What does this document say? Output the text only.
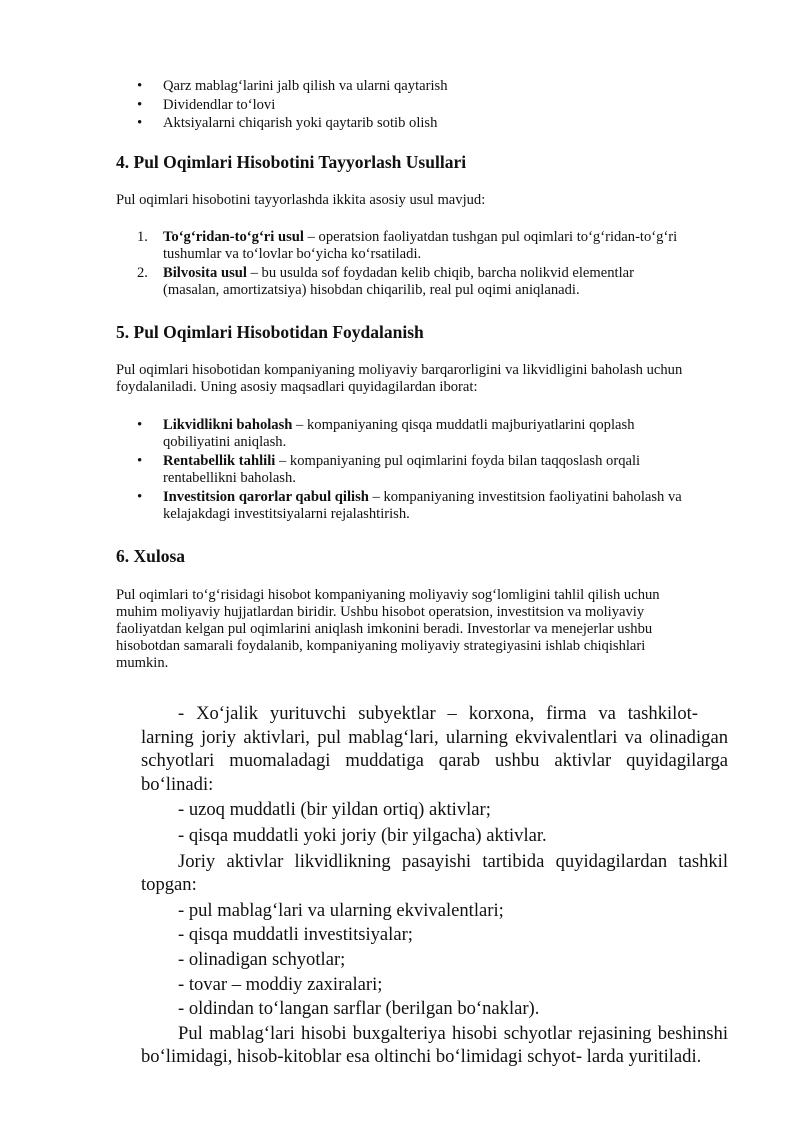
• Qarz mablag‘larini jalb qilish va ularni qaytarish
• Dividendlar to‘lovi
• Aktsiyalarni chiqarish yoki qaytarib sotib olish
4. Pul Oqimlari Hisobotini Tayyorlash Usullari

Pul oqimlari hisobotini tayyorlashda ikkita asosiy usul mavjud:

1. To‘g‘ridan-to‘g‘ri usul – operatsion faoliyatdan tushgan pul oqimlari to‘g‘ridan-to‘g‘ri
tushumlar va to‘lovlar bo‘yicha ko‘rsatiladi.
2. Bilvosita usul – bu usulda sof foydadan kelib chiqib, barcha nolikvid elementlar
(masalan, amortizatsiya) hisobdan chiqarilib, real pul oqimi aniqlanadi.
5. Pul Oqimlari Hisobotidan Foydalanish

Pul oqimlari hisobotidan kompaniyaning moliyaviy barqarorligini va likvidligini baholash uchun
foydalaniladi. Uning asosiy maqsadlari quyidagilardan iborat:

• Likvidlikni baholash – kompaniyaning qisqa muddatli majburiyatlarini qoplash
qobiliyatini aniqlash.
• Rentabellik tahlili – kompaniyaning pul oqimlarini foyda bilan taqqoslash orqali
rentabellikni baholash.
• Investitsion qarorlar qabul qilish – kompaniyaning investitsion faoliyatini baholash va
kelajakdagi investitsiyalarni rejalashtirish.
6. Xulosa

Pul oqimlari to‘g‘risidagi hisobot kompaniyaning moliyaviy sog‘lomligini tahlil qilish uchun
muhim moliyaviy hujjatlardan biridir. Ushbu hisobot operatsion, investitsion va moliyaviy
faoliyatdan kelgan pul oqimlarini aniqlash imkonini beradi. Investorlar va menejerlar ushbu
hisobotdan samarali foydalanib, kompaniyaning moliyaviy strategiyasini ishlab chiqishlari
mumkin.

- Xo‘jalik yurituvchi subyektlar – korxona, firma va tashkilot-
larning joriy aktivlari, pul mablag‘lari, ularning ekvivalentlari va olinadigan
schyotlari muomaladagi muddatiga qarab ushbu aktivlar quyidagilarga
bo‘linadi:
- uzoq muddatli (bir yildan ortiq) aktivlar;
- qisqa muddatli yoki joriy (bir yilgacha) aktivlar.
Joriy aktivlar likvidlikning pasayishi tartibida quyidagilardan tashkil
topgan:
- pul mablag‘lari va ularning ekvivalentlari;
- qisqa muddatli investitsiyalar;
- olinadigan schyotlar;
- tovar – moddiy zaxiralari;
- oldindan to‘langan sarflar (berilgan bo‘naklar).
Pul mablag‘lari hisobi buxgalteriya hisobi schyotlar rejasining beshinshi
bo‘limidagi, hisob-kitoblar esa oltinchi bo‘limidagi schyot- larda yuritiladi.
